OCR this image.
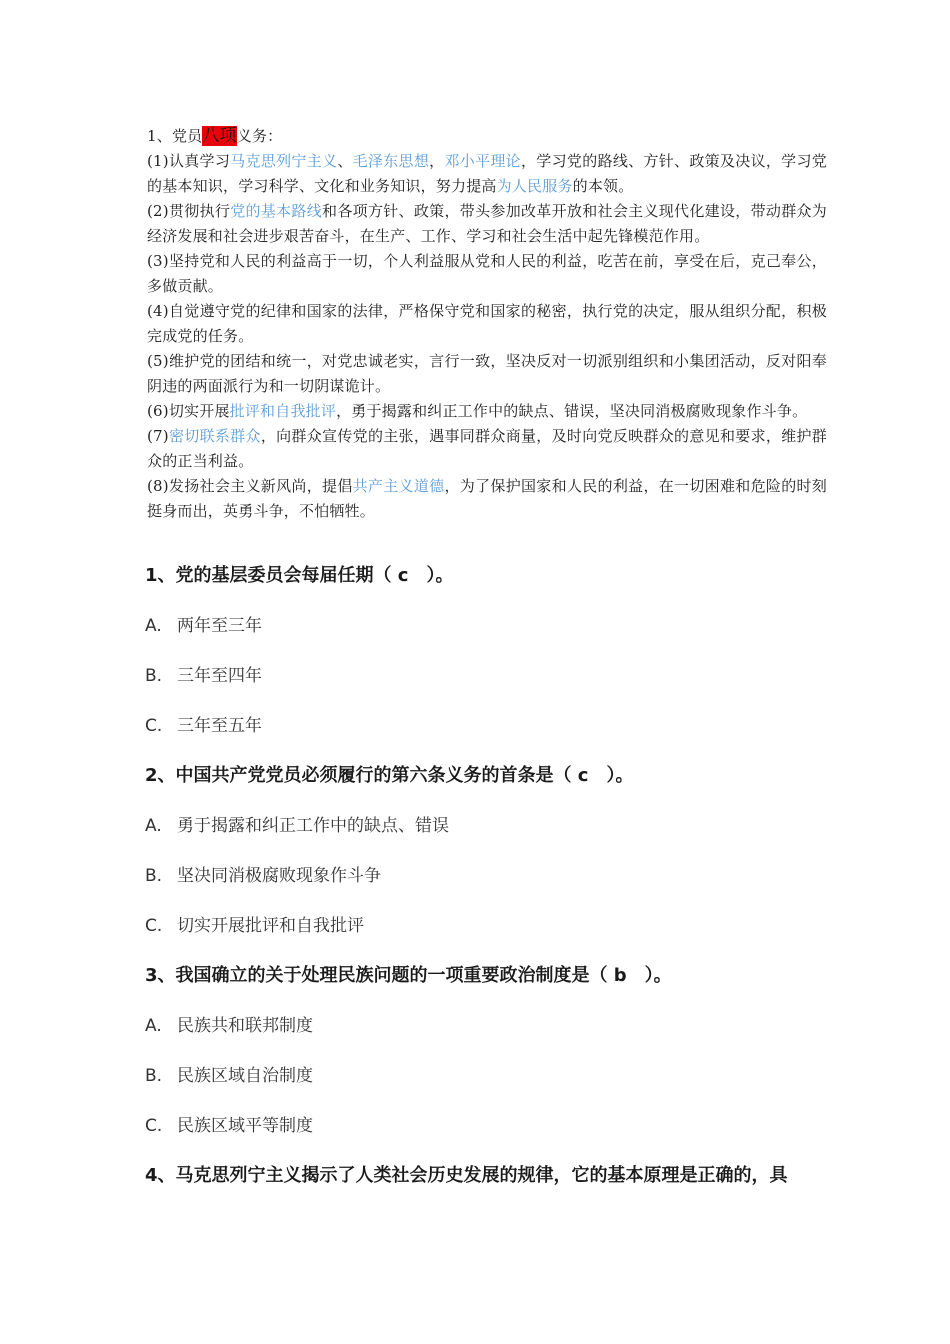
1、党员八项义务：

(1)认真学习马克思列宁主义、毛泽东思想，邓小平理论，学习党的路线、方针、政策及决议，学习党的基本知识，学习科学、文化和业务知识，努力提高为人民服务的本领。

(2)贯彻执行党的基本路线和各项方针、政策，带头参加改革开放和社会主义现代化建设，带动群众为经济发展和社会进步艰苦奋斗，在生产、工作、学习和社会生活中起先锋模范作用。

(3)坚持党和人民的利益高于一切，个人利益服从党和人民的利益，吃苦在前，享受在后，克己奉公，多做贡献。

(4)自觉遵守党的纪律和国家的法律，严格保守党和国家的秘密，执行党的决定，服从组织分配，积极完成党的任务。

(5)维护党的团结和统一，对党忠诚老实，言行一致，坚决反对一切派别组织和小集团活动，反对阳奉阴违的两面派行为和一切阴谋诡计。

(6)切实开展批评和自我批评，勇于揭露和纠正工作中的缺点、错误，坚决同消极腐败现象作斗争。

(7)密切联系群众，向群众宣传党的主张，遇事同群众商量，及时向党反映群众的意见和要求，维护群众的正当利益。

(8)发扬社会主义新风尚，提倡共产主义道德，为了保护国家和人民的利益，在一切困难和危险的时刻挺身而出，英勇斗争，不怕牺牲。

1、党的基层委员会每届任期（ c　）。
A. 两年至三年
B. 三年至四年
C. 三年至五年
2、中国共产党党员必须履行的第六条义务的首条是（ c　）。
A. 勇于揭露和纠正工作中的缺点、错误
B. 坚决同消极腐败现象作斗争
C. 切实开展批评和自我批评
3、我国确立的关于处理民族问题的一项重要政治制度是（ b　）。
A. 民族共和联邦制度
B. 民族区域自治制度
C. 民族区域平等制度
4、马克思列宁主义揭示了人类社会历史发展的规律，它的基本原理是正确的，具
